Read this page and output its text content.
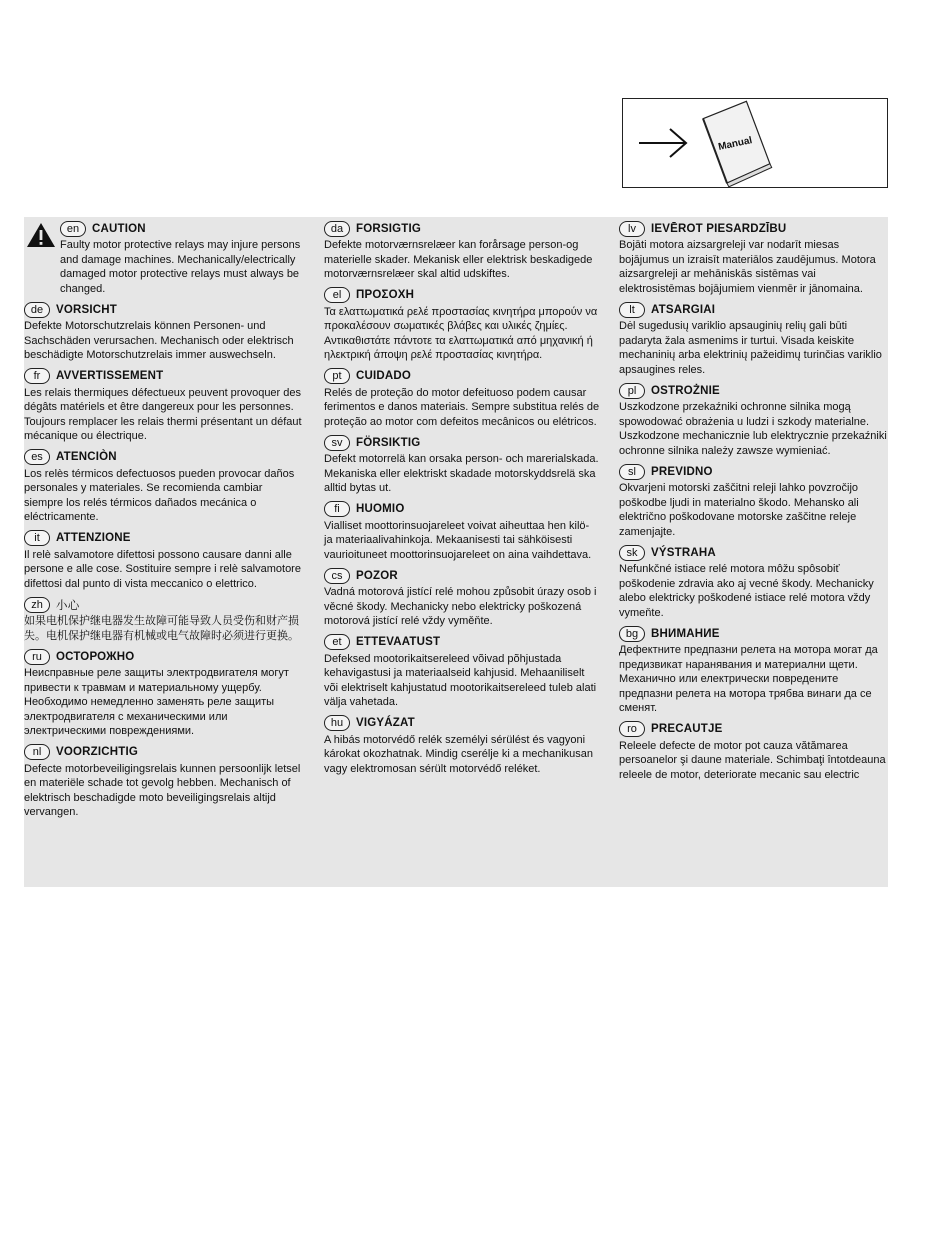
Manual
en	CAUTION

Faulty motor protective relays may injure persons and damage machines. Mechanically/electrically damaged motor protective relays must always be changed.

de	VORSICHT

Defekte Motorschutzrelais können Personen- und Sachschäden verursachen. Mechanisch oder elektrisch beschädigte Motorschutzrelais immer auswechseln.

fr	AVVERTISSEMENT

Les relais thermiques défectueux peuvent provoquer des dégâts matériels et être dangereux pour les personnes. Toujours remplacer les relais thermi présentant un défaut mécanique ou électrique.

es	ATENCIÒN

Los relès térmicos defectuosos pueden provocar daños personales y materiales. Se recomienda cambiar siempre los relés térmicos dañados mecánica o eléctricamente.

it	ATTENZIONE

Il relè salvamotore difettosi possono causare danni alle persone e alle cose. Sostituire sempre i relè salvamotore difettosi dal punto di vista meccanico o elettrico.

zh	小心

如果电机保护继电器发生故障可能导致人员受伤和财产损失。电机保护继电器有机械或电气故障时必须进行更换。

ru	ОСТОРОЖНО

Неисправные реле защиты электродвигателя могут привести к травмам и материальному ущербу. Необходимо немедленно заменять реле защиты электродвигателя с механическими или электрическими повреждениями.

nl	VOORZICHTIG

Defecte motorbeveiligingsrelais kunnen persoonlijk letsel en materiële schade tot gevolg hebben. Mechanisch of elektrisch beschadigde moto beveiligingsrelais altijd vervangen.

da	FORSIGTIG

Defekte motorværnsrelæer kan forårsage person-og materielle skader. Mekanisk eller elektrisk beskadigede motorværnsrelæer skal altid udskiftes.

el	ΠΡΟΣΟΧΗ

Τα ελαττωματικά ρελέ προστασίας κινητήρα μπορούν να προκαλέσουν σωματικές βλάβες και υλικές ζημίες. Αντικαθιστάτε πάντοτε τα ελαττωματικά από μηχανική ή ηλεκτρική άποψη ρελέ προστασίας κινητήρα.

pt	CUIDADO

Relés de proteção do motor defeituoso podem causar ferimentos e danos materiais. Sempre substitua relés de proteção ao motor com defeitos mecânicos ou elétricos.

sv	FÖRSIKTIG

Defekt motorrelä kan orsaka person- och marerialskada. Mekaniska eller elektriskt skadade motorskyddsrelä ska alltid bytas ut.

fi	HUOMIO

Vialliset moottorinsuojareleet voivat aiheuttaa hen kilö- ja materiaalivahinkoja. Mekaanisesti tai sähköisesti vaurioituneet moottorinsuojareleet on aina vaihdettava.

cs	POZOR

Vadná motorová jistící relé mohou způsobit úrazy osob i věcné škody. Mechanicky nebo elektricky poškozená motorová jistící relé vždy vyměňte.

et	ETTEVAATUST

Defeksed mootorikaitsereleed võivad põhjustada kehavigastusi ja materiaalseid kahjusid. Mehaaniliselt või elektriselt kahjustatud mootorikaitsereleed tuleb alati välja vahetada.

hu	VIGYÁZAT

A hibás motorvédő relék személyi sérülést és vagyoni károkat okozhatnak. Mindig cserélje ki a mechanikusan vagy elektromosan sérült motorvédő reléket.

lv	IEVĒROT PIESARDZĪBU

Bojāti motora aizsargreleji var nodarīt miesas bojājumus un izraisīt materiālos zaudējumus. Motora aizsargreleji ar mehāniskās sistēmas vai elektrosistēmas bojājumiem vienmēr ir jānomaina.

lt	ATSARGIAI

Dėl sugedusių variklio apsauginių relių gali būti padaryta žala asmenims ir turtui. Visada keiskite mechaninių arba elektrinių pažeidimų turinčias variklio apsaugines reles.

pl	OSTROŻNIE

Uszkodzone przekaźniki ochronne silnika mogą spowodować obrażenia u ludzi i szkody materialne. Uszkodzone mechanicznie lub elektrycznie przekaźniki ochronne silnika należy zawsze wymieniać.

sl	PREVIDNO

Okvarjeni motorski zaščitni releji lahko povzročijo poškodbe ljudi in materialno škodo. Mehansko ali električno poškodovane motorske zaščitne releje zamenjajte.

sk	VÝSTRAHA

Nefunkčné istiace relé motora môžu spôsobiť poškodenie zdravia ako aj vecné škody. Mechanicky alebo elektricky poškodené istiace relé motora vždy vymeňte.

bg	ВНИМАНИЕ

Дефектните предпазни релета на мотора могат да предизвикат наранявания и материални щети. Механично или електрически повредените предпазни релета на мотора трябва винаги да се сменят.

ro	PRECAUTJE

Releele defecte de motor pot cauza vătămarea persoanelor şi daune materiale. Schimbaţi întotdeauna releele de motor, deteriorate mecanic sau electric
